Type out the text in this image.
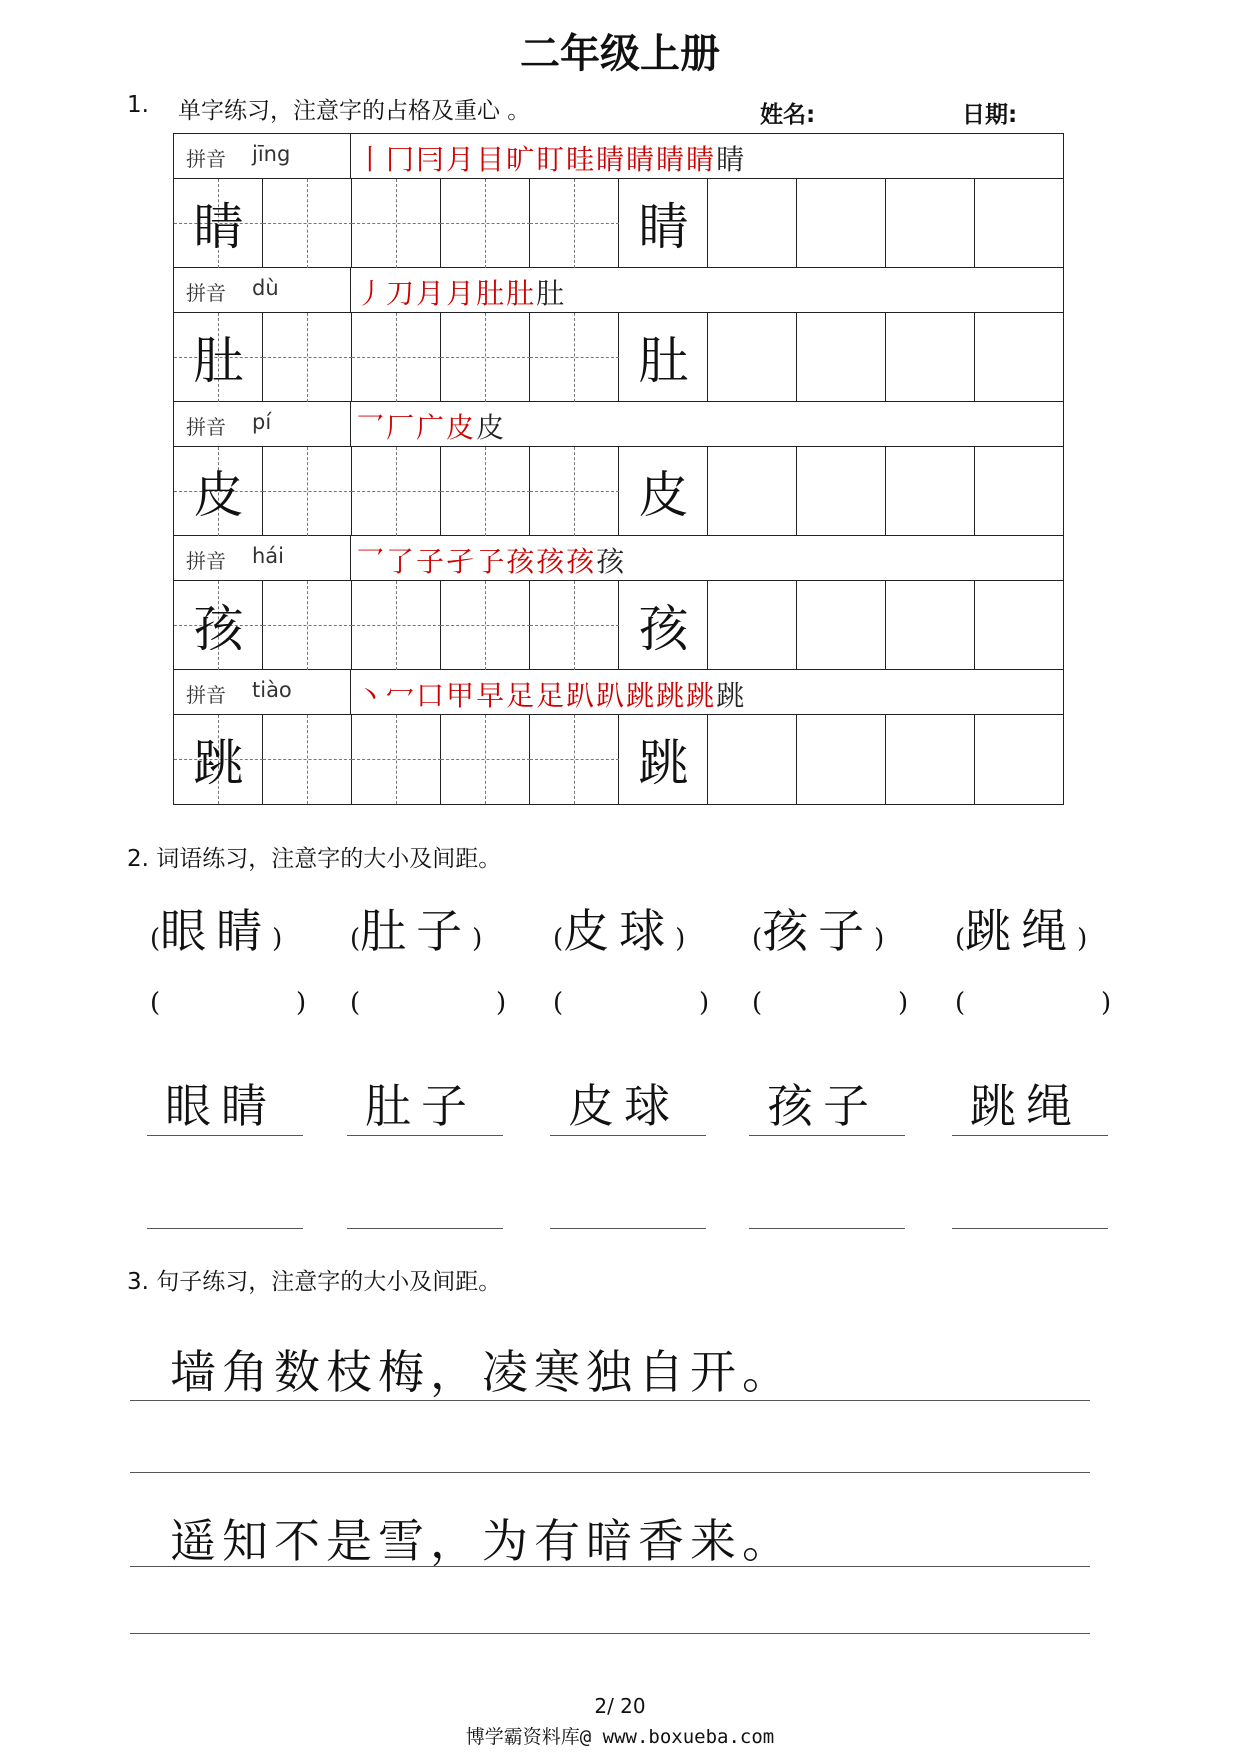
二年级上册
1. 单字练习，注意字的占格及重心 。	姓名:	日期:
拼音 jīng 丨冂冃月目旷盯眭睛睛睛睛睛
睛	睛
拼音 dù	丿刀月月肚肚肚
肚	肚
拼音 pí	乛厂广皮皮
皮	皮
拼音 hái	乛了子孑孒孩孩孩孩
孩	孩
拼音 tiào 丶冖口甲早足足趴趴跳跳跳跳
跳	跳
2. 词语练习，注意字的大小及间距。
(眼睛)
(	)
眼睛
(肚子)
(	)
肚子
(皮球)
(	)
皮球
(孩子)
(	)
孩子
(跳绳)
(	)
跳绳
3. 句子练习，注意字的大小及间距。
墙角数枝梅，凌寒独自开。
遥知不是雪，为有暗香来。
2/ 20
博学霸资料库@ www.boxueba.com
